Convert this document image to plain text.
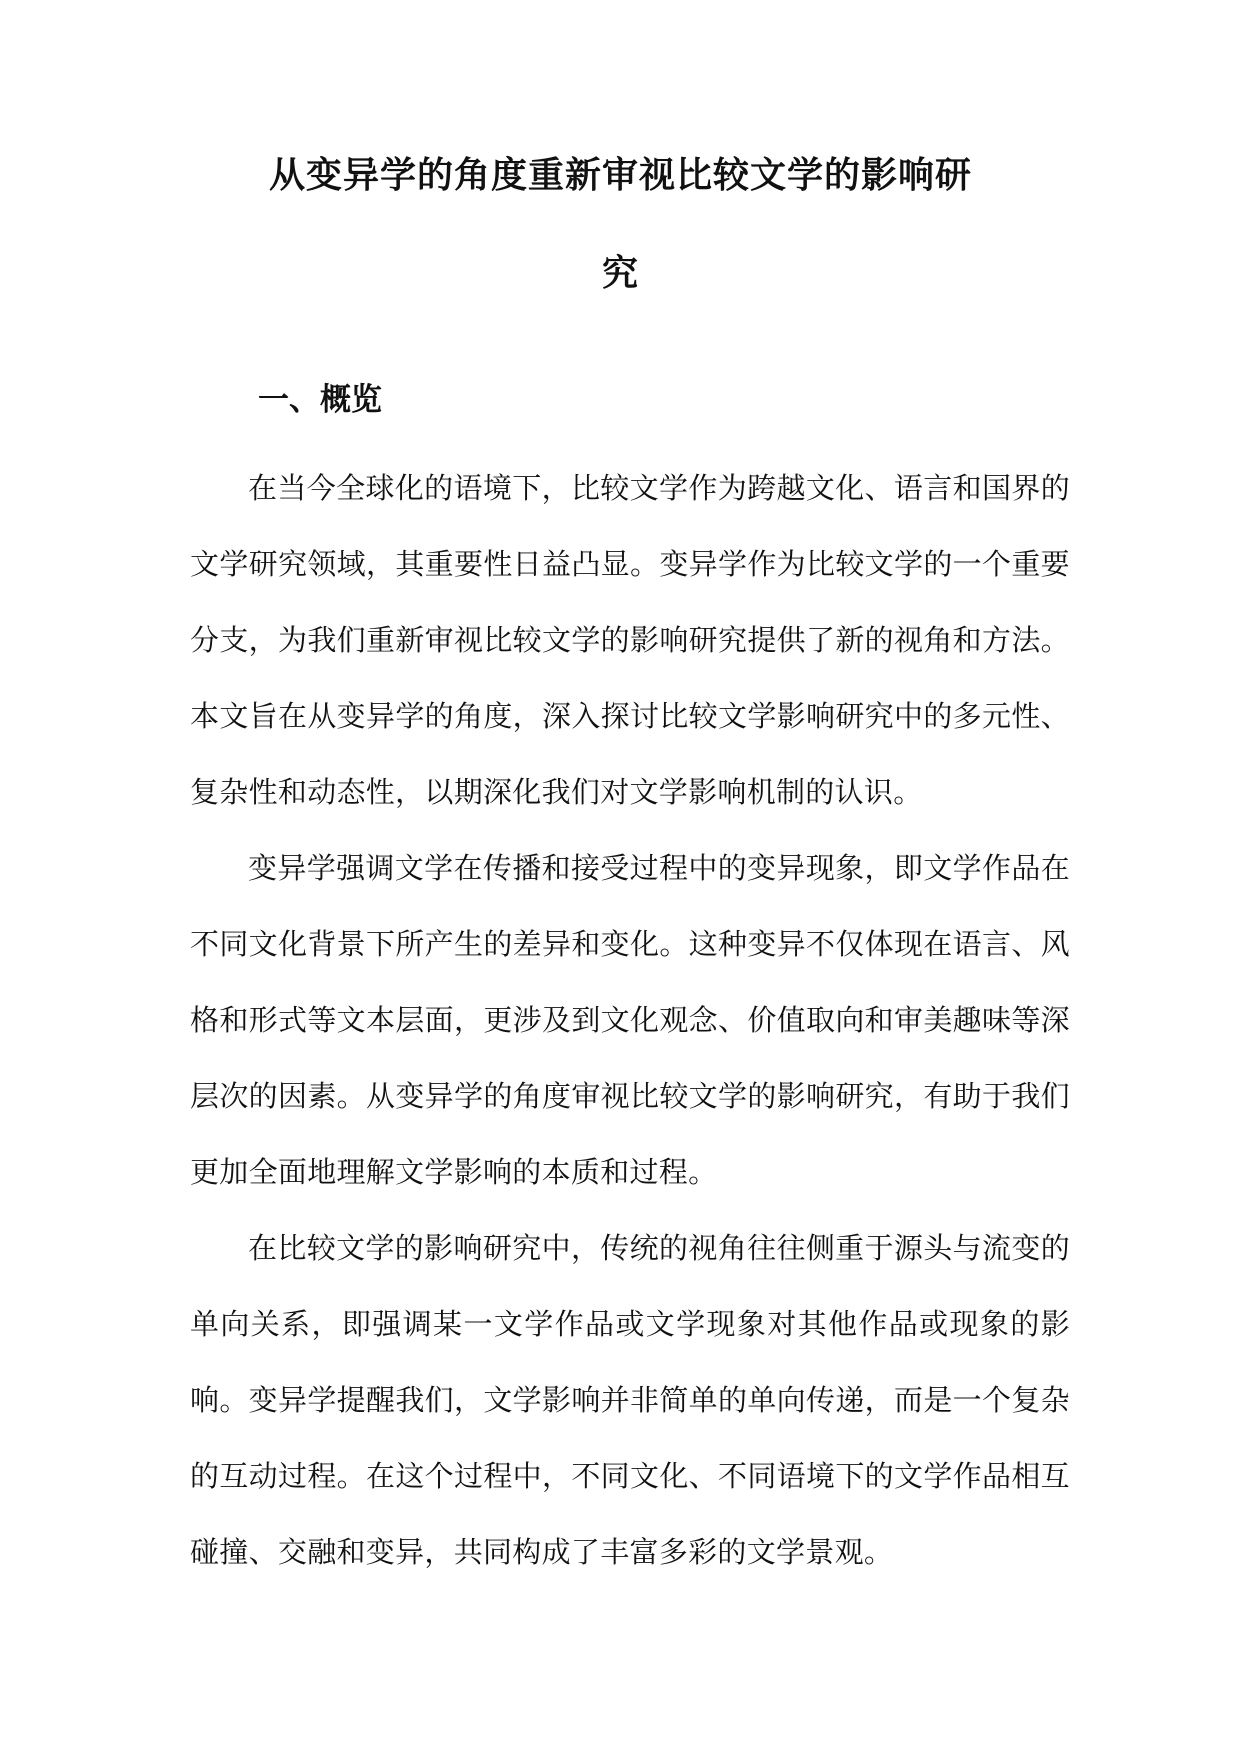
从变异学的角度重新审视比较文学的影响研
究
一、概览

在当今全球化的语境下，比较文学作为跨越文化、语言和国界的文学研究领域，其重要性日益凸显。变异学作为比较文学的一个重要分支，为我们重新审视比较文学的影响研究提供了新的视角和方法。本文旨在从变异学的角度，深入探讨比较文学影响研究中的多元性、复杂性和动态性，以期深化我们对文学影响机制的认识。

变异学强调文学在传播和接受过程中的变异现象，即文学作品在不同文化背景下所产生的差异和变化。这种变异不仅体现在语言、风格和形式等文本层面，更涉及到文化观念、价值取向和审美趣味等深层次的因素。从变异学的角度审视比较文学的影响研究，有助于我们更加全面地理解文学影响的本质和过程。

在比较文学的影响研究中，传统的视角往往侧重于源头与流变的单向关系，即强调某一文学作品或文学现象对其他作品或现象的影响。变异学提醒我们，文学影响并非简单的单向传递，而是一个复杂的互动过程。在这个过程中，不同文化、不同语境下的文学作品相互碰撞、交融和变异，共同构成了丰富多彩的文学景观。
